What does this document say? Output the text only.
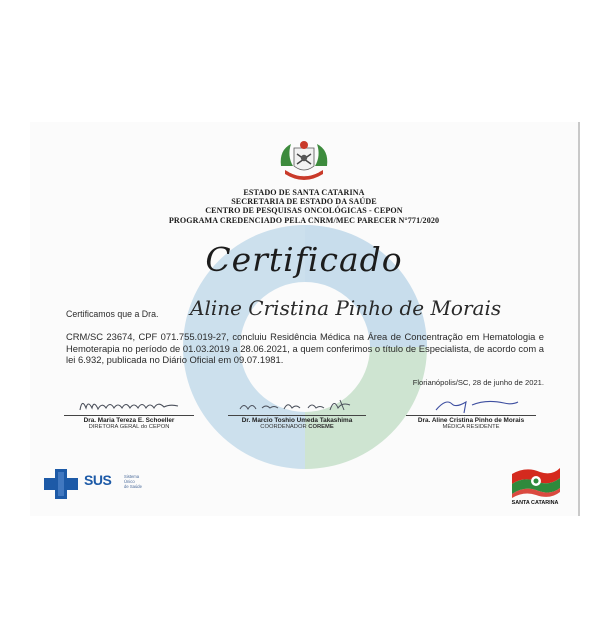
ESTADO DE SANTA CATARINA
SECRETARIA DE ESTADO DA SAÚDE
CENTRO DE PESQUISAS ONCOLÓGICAS - CEPON
PROGRAMA CREDENCIADO PELA CNRM/MEC PARECER N°771/2020
Certificado
Certificamos que a Dra. Aline Cristina Pinho de Morais
CRM/SC 23674, CPF 071.755.019-27, concluiu Residência Médica na Área de Concentração em Hematologia e Hemoterapia no período de 01.03.2019 a 28.06.2021, a quem conferimos o título de Especialista, de acordo com a lei 6.932, publicada no Diário Oficial em 09.07.1981.
Florianópolis/SC, 28 de junho de 2021.
Dra. Maria Tereza E. Schoeller
DIRETORA GERAL do CEPON
Dr. Marcio Toshio Umeda Takashima
COORDENADOR COREME
Dra. Aline Cristina Pinho de Morais
MÉDICA RESIDENTE
SUS	Sistema
Único
de Saúde
SANTA CATARINA
